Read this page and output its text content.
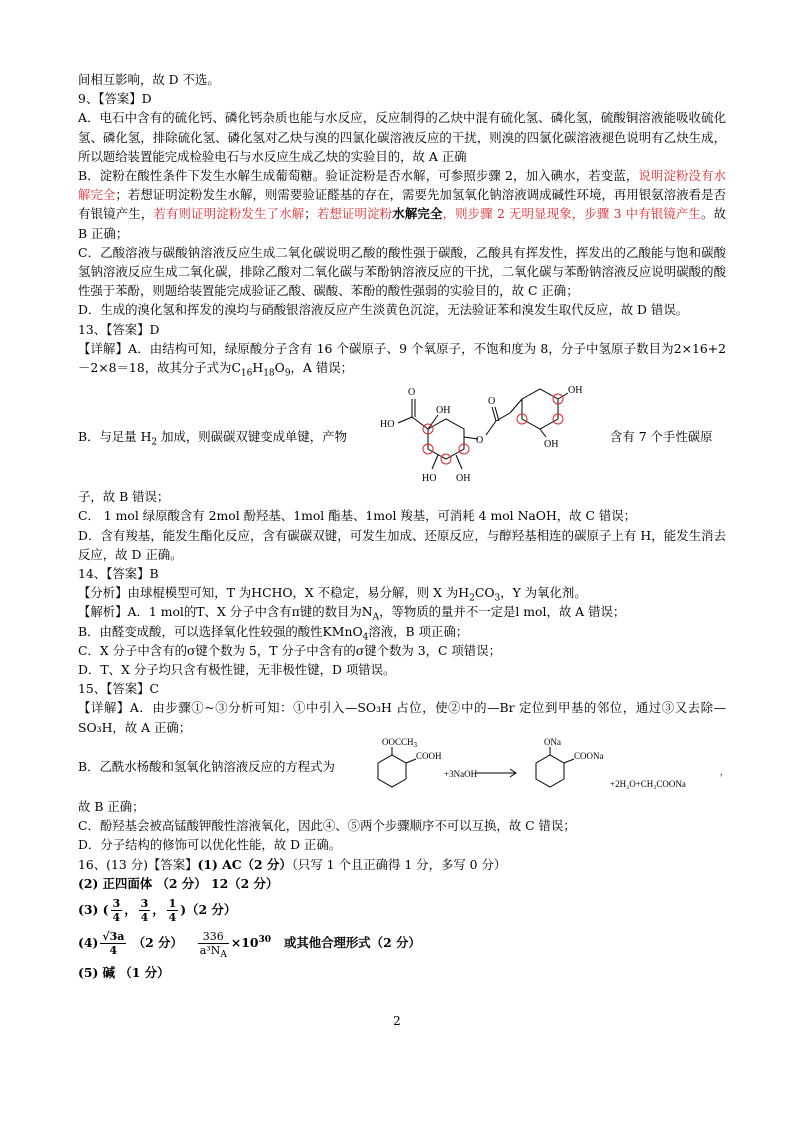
间相互影响，故 D 不选。

9、【答案】D

A．电石中含有的硫化钙、磷化钙杂质也能与水反应，反应制得的乙炔中混有硫化氢、磷化氢，硫酸铜溶液能吸收硫化氢、磷化氢，排除硫化氢、磷化氢对乙炔与溴的四氯化碳溶液反应的干扰，则溴的四氯化碳溶液褪色说明有乙炔生成，所以题给装置能完成检验电石与水反应生成乙炔的实验目的，故 A 正确

B．淀粉在酸性条件下发生水解生成葡萄糖。验证淀粉是否水解，可参照步骤 2，加入碘水，若变蓝，说明淀粉没有水解完全；若想证明淀粉发生水解，则需要验证醛基的存在，需要先加氢氧化钠溶液调成碱性环境，再用银氨溶液看是否有银镜产生，若有则证明淀粉发生了水解；若想证明淀粉水解完全，则步骤 2 无明显现象，步骤 3 中有银镜产生。故 B 正确；

C．乙酸溶液与碳酸钠溶液反应生成二氧化碳说明乙酸的酸性强于碳酸，乙酸具有挥发性，挥发出的乙酸能与饱和碳酸氢钠溶液反应生成二氧化碳，排除乙酸对二氧化碳与苯酚钠溶液反应的干扰，二氧化碳与苯酚钠溶液反应说明碳酸的酸性强于苯酚，则题给装置能完成验证乙酸、碳酸、苯酚的酸性强弱的实验目的，故 C 正确；

D．生成的溴化氢和挥发的溴均与硝酸银溶液反应产生淡黄色沉淀，无法验证苯和溴发生取代反应，故 D 错误。

13、【答案】D

【详解】A．由结构可知，绿原酸分子含有 16 个碳原子、9 个氧原子，不饱和度为 8，分子中氢原子数目为2×16+2－2×8＝18，故其分子式为$C_{16}H_{18}O_9$，A 错误；

B．与足量 $H_2$ 加成，则碳碳双键变成单键，产物
O
HO
OH
HO OH
O
O
OH
OH
含有 7 个手性碳原

子，故 B 错误；

C． 1 mol 绿原酸含有 2mol 酚羟基、1mol 酯基、1mol 羧基，可消耗 4 mol NaOH，故 C 错误；

D．含有羧基，能发生酯化反应，含有碳碳双键，可发生加成、还原反应，与醇羟基相连的碳原子上有 H，能发生消去反应，故 D 正确。

14、【答案】B

【分析】由球棍模型可知，T 为HCHO，X 不稳定，易分解，则 X 为$H_2CO_3$，Y 为氧化剂。

【解析】A．1 mol的T、X 分子中含有π键的数目为$N_A$，等物质的量并不一定是l mol，故 A 错误；

B．由醛变成酸，可以选择氧化性较强的酸性KMnO$_4$溶液，B 项正确；

C．X 分子中含有的σ键个数为 5，T 分子中含有的σ键个数为 3，C 项错误；

D．T、X 分子均只含有极性键，无非极性键，D 项错误。

15、【答案】C

【详解】A．由步骤①~③分析可知：①中引入—SO₃H 占位，使②中的—Br 定位到甲基的邻位，通过③又去除—SO₃H，故 A 正确；

B．乙酰水杨酸和氢氧化钠溶液反应的方程式为
$OOCCH_3$
COOH
+3NaOH
ONa
COONa
+2H₂O+CH₃COONa
,

故 B 正确；

C．酚羟基会被高锰酸钾酸性溶液氧化，因此④、⑤两个步骤顺序不可以互换，故 C 错误；

D．分子结构的修饰可以优化性能，故 D 正确。

16、(13 分)【答案】(1) AC（2 分）（只写 1 个且正确得 1 分，多写 0 分）

(2) 正四面体 （2 分） 12（2 分）

(3) ( $\frac{3}{4}$ ， $\frac{3}{4}$ ， $\frac{1}{4} )(2$ 分）

$(4) \frac{√3a}{4} (2$ 分） $\frac{336}{a^3N_A} \times 10^{30}$ 或其他合理形式（2 分）

(5) 碱 （1 分）

2
